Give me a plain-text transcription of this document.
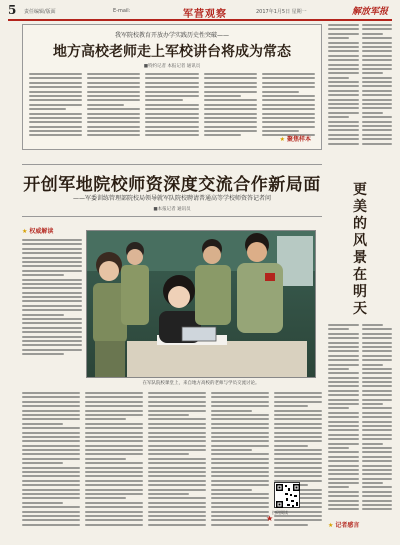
5 责任编辑/版面	E-mail:	军营观察	2017年1月5日 星期一	解放军报
我军院校教育开放办学实践历史性突破——
地方高校老师走上军校讲台将成为常态
■特约记者 本报记者 通讯员
★ 聚焦样本
更美的风景在明天
★ 记者感言
开创军地院校师资深度交流合作新局面
——军委训练管理部院校局领导就军队院校聘请普通高等学校师资答记者问
■本报记者 通讯员
★ 权威解读
在军队院校课堂上，来自地方高校的老师与学员交流讨论。
扫码阅读
★
